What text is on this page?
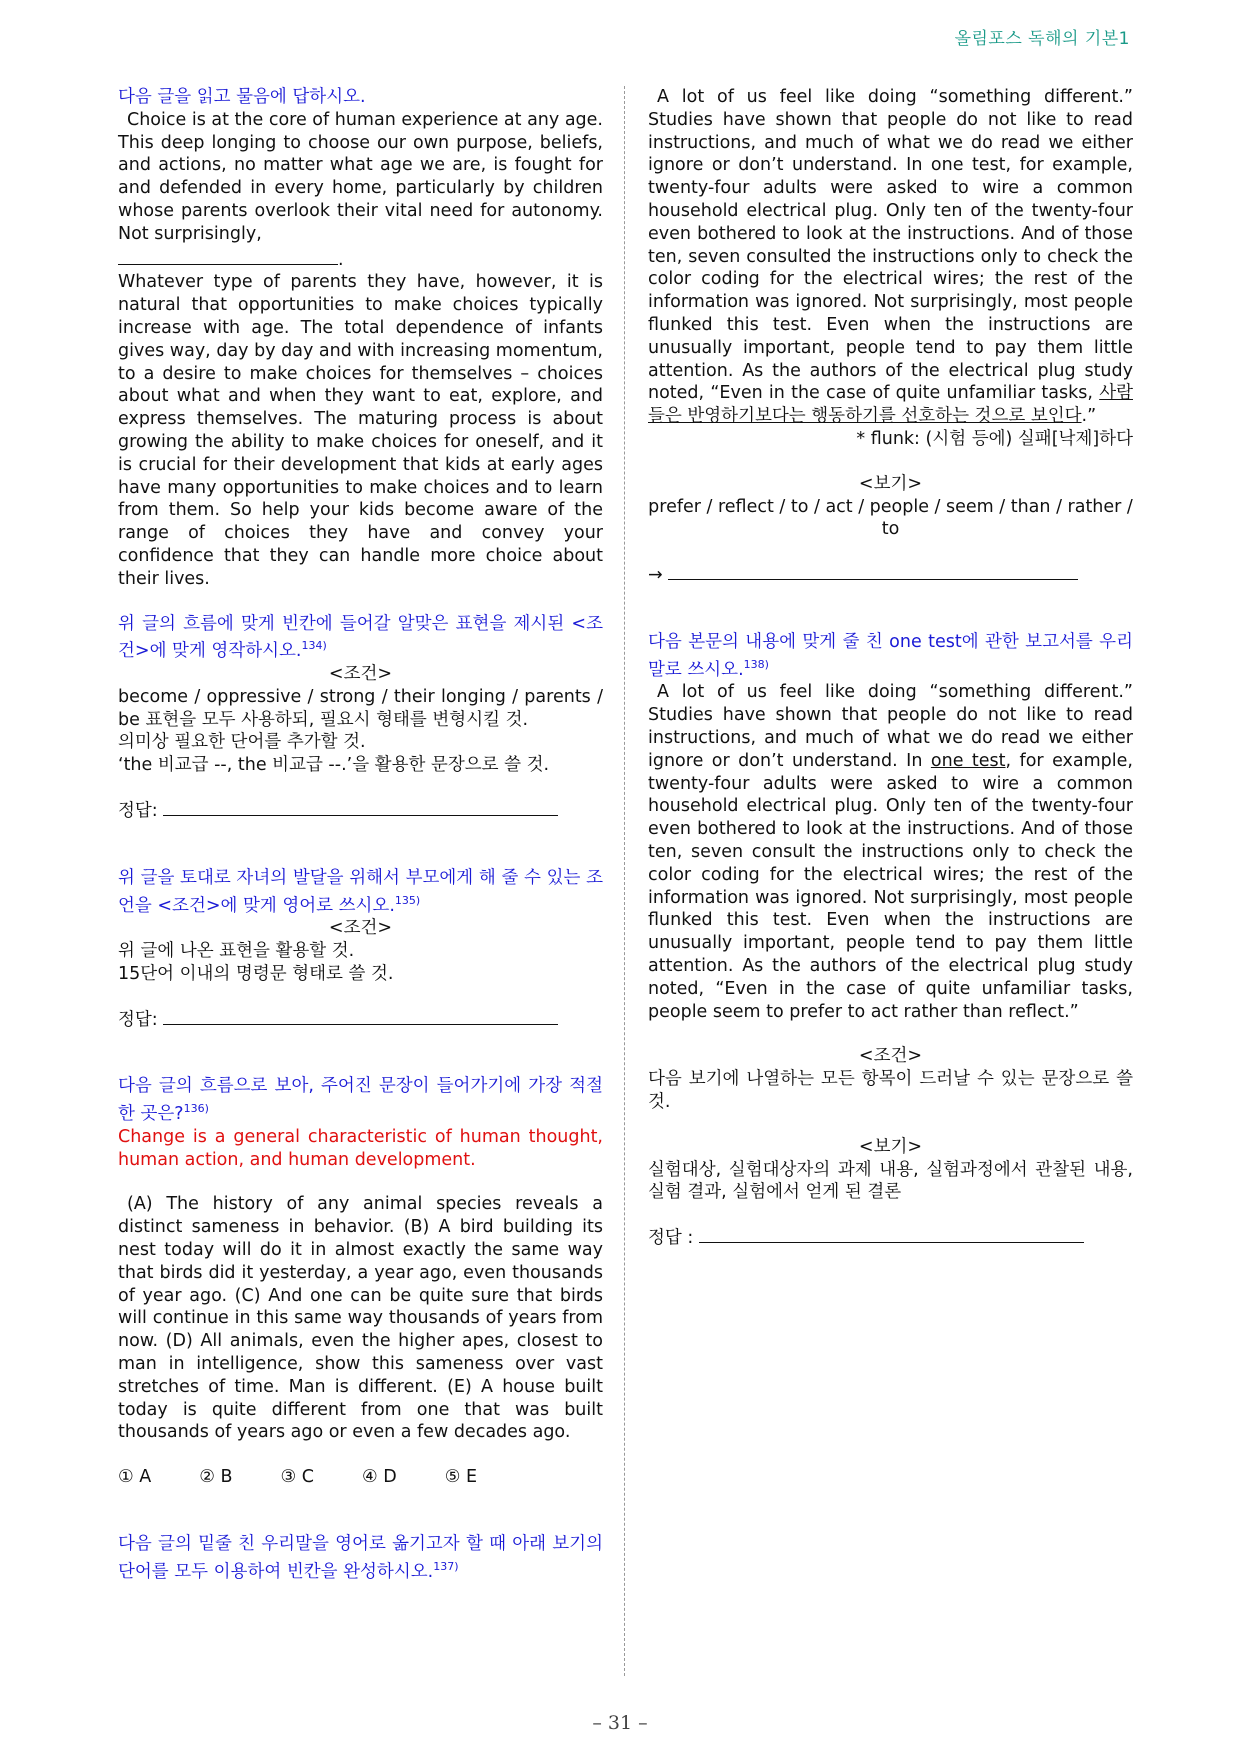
올림포스 독해의 기본1

다음 글을 읽고 물음에 답하시오.

Choice is at the core of human experience at any age. This deep longing to choose our own purpose, beliefs, and actions, no matter what age we are, is fought for and defended in every home, particularly by children whose parents overlook their vital need for autonomy. Not surprisingly,
.

Whatever type of parents they have, however, it is natural that opportunities to make choices typically increase with age. The total dependence of infants gives way, day by day and with increasing momentum, to a desire to make choices for themselves – choices about what and when they want to eat, explore, and express themselves. The maturing process is about growing the ability to make choices for oneself, and it is crucial for their development that kids at early ages have many opportunities to make choices and to learn from them. So help your kids become aware of the range of choices they have and convey your confidence that they can handle more choice about their lives.

위 글의 흐름에 맞게 빈칸에 들어갈 알맞은 표현을 제시된 <조건>에 맞게 영작하시오.$^{134)}$

<조건>

become / oppressive / strong / their longing / parents / be 표현을 모두 사용하되, 필요시 형태를 변형시킬 것.

의미상 필요한 단어를 추가할 것.

‘the 비교급 --, the 비교급 --.’을 활용한 문장으로 쓸 것.

정답:

위 글을 토대로 자녀의 발달을 위해서 부모에게 해 줄 수 있는 조언을 <조건>에 맞게 영어로 쓰시오.$^{135)}$

<조건>

위 글에 나온 표현을 활용할 것.

15단어 이내의 명령문 형태로 쓸 것.

정답:

다음 글의 흐름으로 보아, 주어진 문장이 들어가기에 가장 적절한 곳은?$^{136)}$

Change is a general characteristic of human thought, human action, and human development.

(A) The history of any animal species reveals a distinct sameness in behavior. (B) A bird building its nest today will do it in almost exactly the same way that birds did it yesterday, a year ago, even thousands of year ago. (C) And one can be quite sure that birds will continue in this same way thousands of years from now. (D) All animals, even the higher apes, closest to man in intelligence, show this sameness over vast stretches of time. Man is different. (E) A house built today is quite different from one that was built thousands of years ago or even a few decades ago.

① A	② B	③ C	④ D	⑤ E

다음 글의 밑줄 친 우리말을 영어로 옮기고자 할 때 아래 보기의 단어를 모두 이용하여 빈칸을 완성하시오.$^{137)}$

A lot of us feel like doing “something different.” Studies have shown that people do not like to read instructions, and much of what we do read we either ignore or don’t understand. In one test, for example, twenty-four adults were asked to wire a common household electrical plug. Only ten of the twenty-four even bothered to look at the instructions. And of those ten, seven consulted the instructions only to check the color coding for the electrical wires; the rest of the information was ignored. Not surprisingly, most people flunked this test. Even when the instructions are unusually important, people tend to pay them little attention. As the authors of the electrical plug study noted, “Even in the case of quite unfamiliar tasks, 사람들은 반영하기보다는 행동하기를 선호하는 것으로 보인다.”

* flunk: (시험 등에) 실패[낙제]하다

<보기>

prefer / reflect / to / act / people / seem / than / rather / to

→

다음 본문의 내용에 맞게 줄 친 one test에 관한 보고서를 우리말로 쓰시오.$^{138)}$

A lot of us feel like doing “something different.” Studies have shown that people do not like to read instructions, and much of what we do read we either ignore or don’t understand. In one test, for example, twenty-four adults were asked to wire a common household electrical plug. Only ten of the twenty-four even bothered to look at the instructions. And of those ten, seven consult the instructions only to check the color coding for the electrical wires; the rest of the information was ignored. Not surprisingly, most people flunked this test. Even when the instructions are unusually important, people tend to pay them little attention. As the authors of the electrical plug study noted, “Even in the case of quite unfamiliar tasks, people seem to prefer to act rather than reflect.”

<조건>

다음 보기에 나열하는 모든 항목이 드러날 수 있는 문장으로 쓸 것.

<보기>

실험대상, 실험대상자의 과제 내용, 실험과정에서 관찰된 내용, 실험 결과, 실험에서 얻게 된 결론

정답 :

– 31 –
